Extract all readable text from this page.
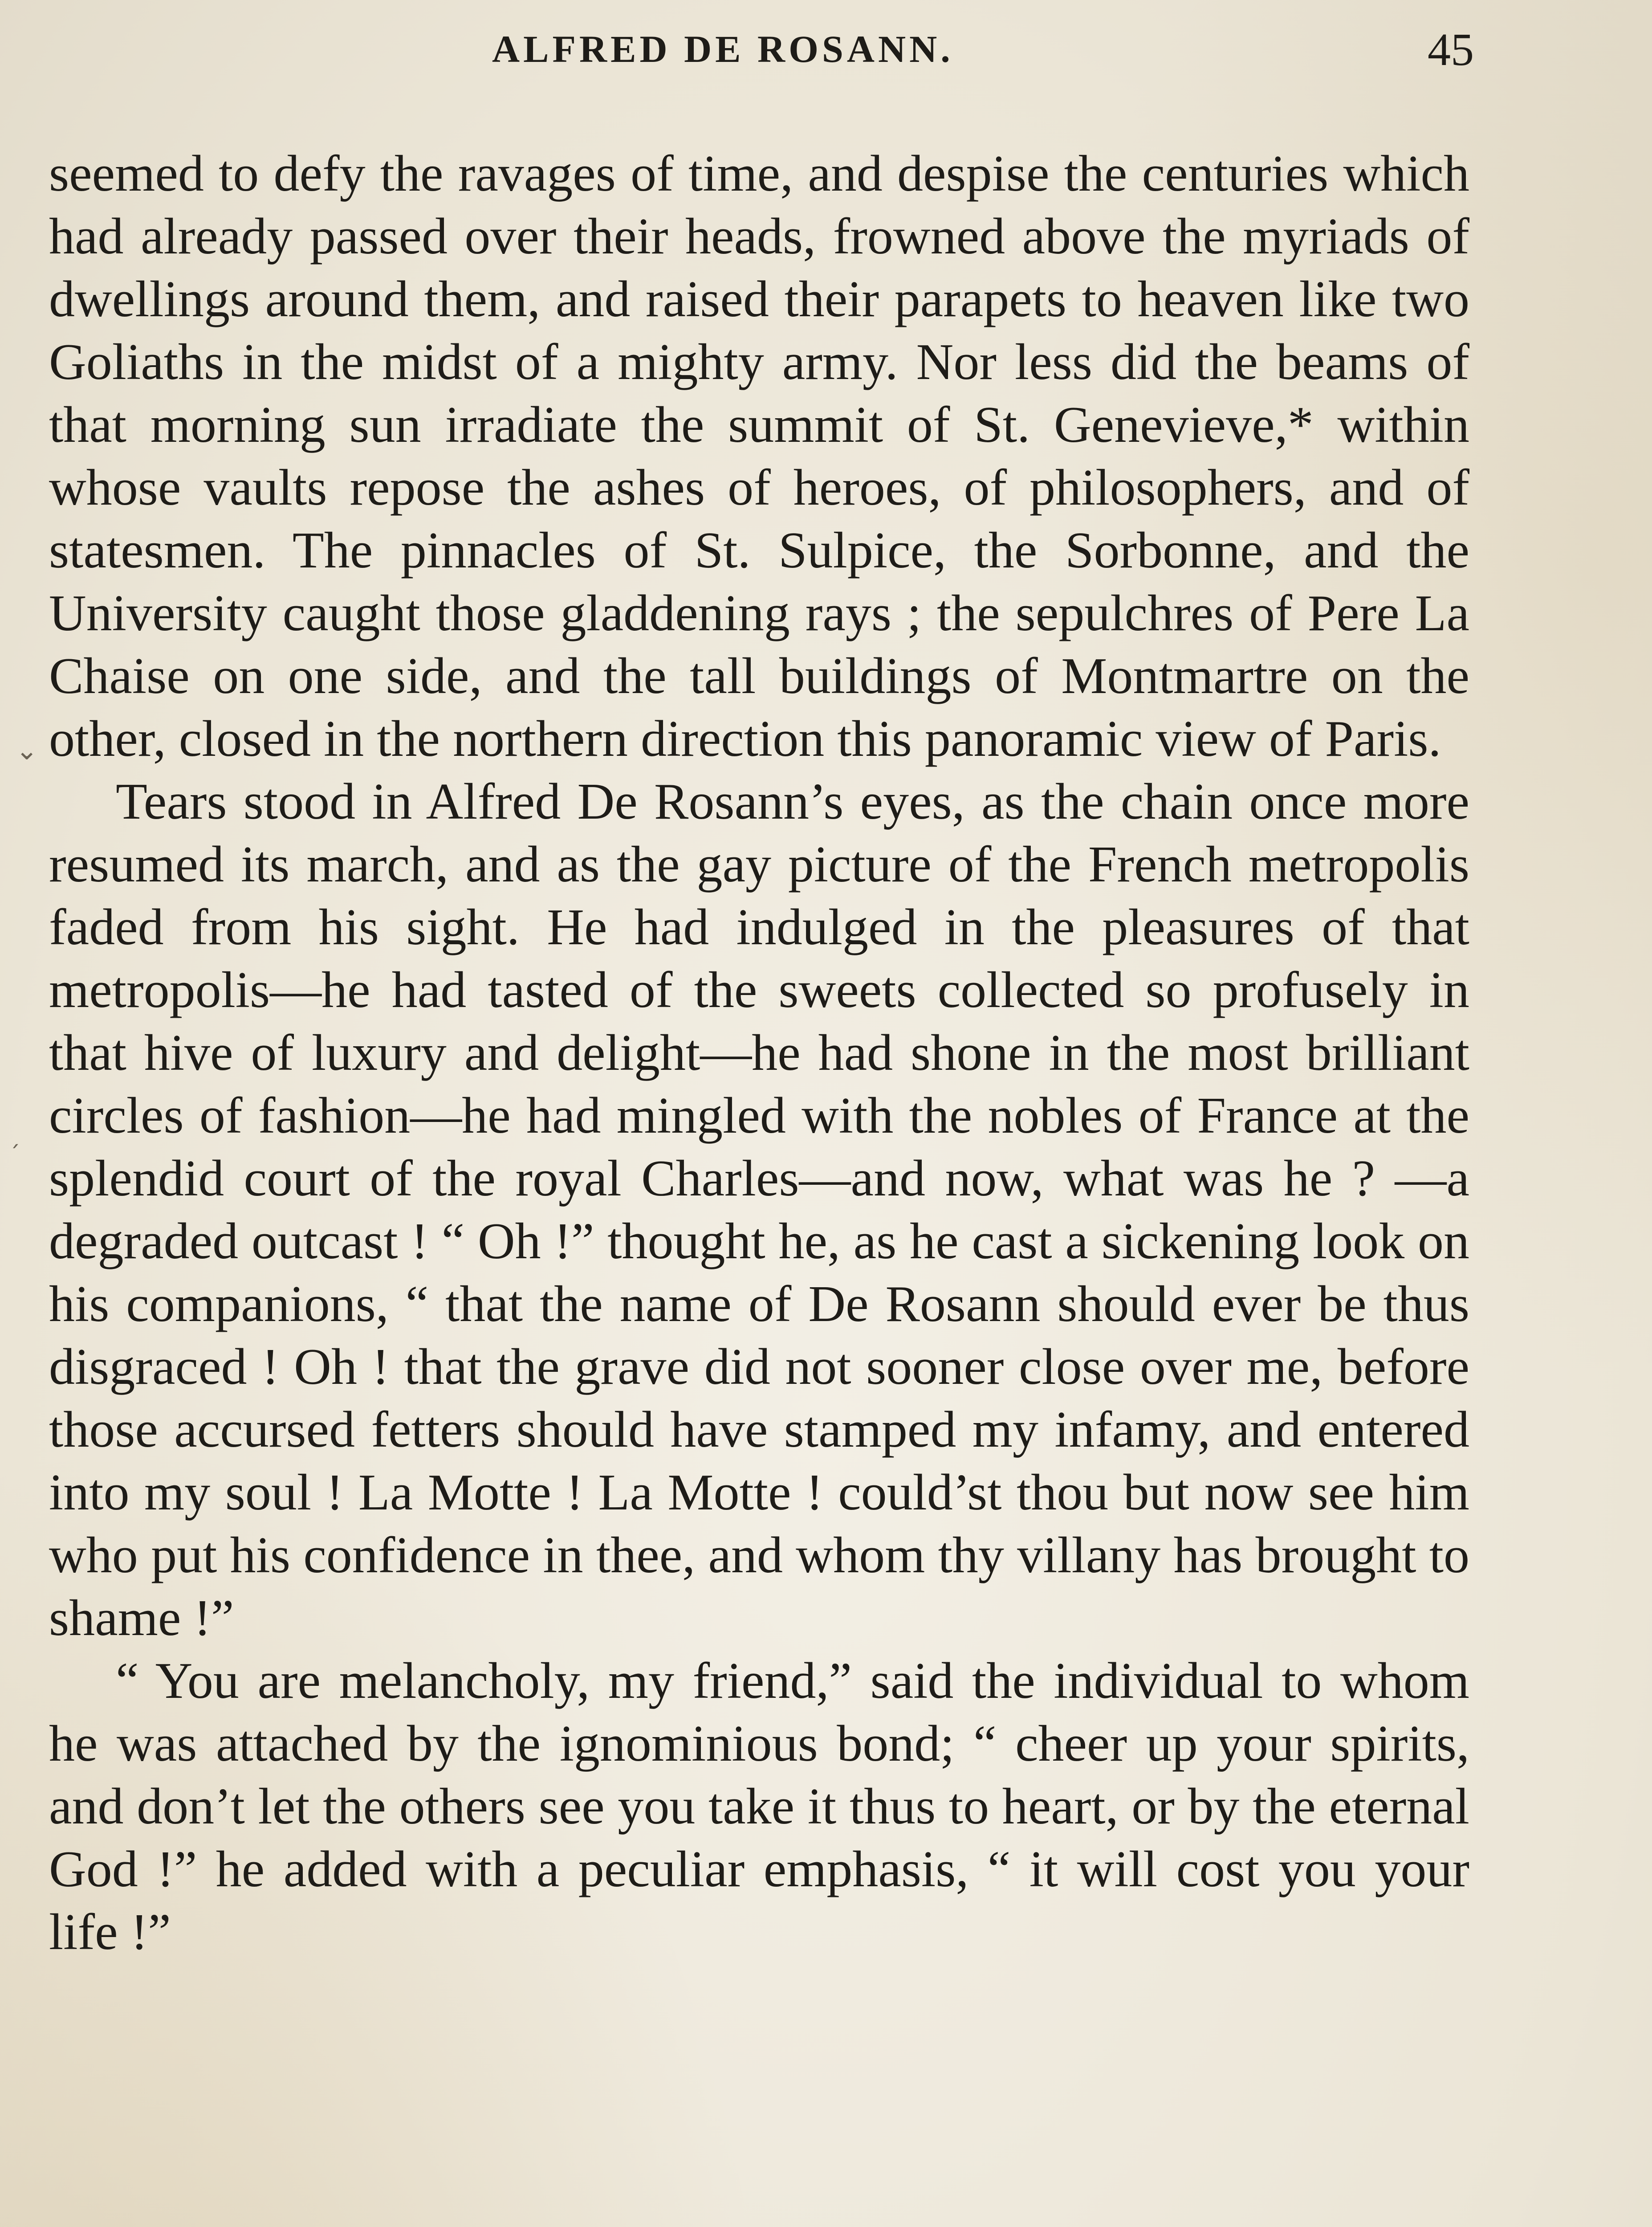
ALFRED DE ROSANN.	45

seemed to defy the ravages of time, and despise the centuries which had already passed over their heads, frowned above the myriads of dwellings around them, and raised their parapets to heaven like two Goliaths in the midst of a mighty army. Nor less did the beams of that morning sun irradiate the summit of St. Genevieve,* within whose vaults repose the ashes of heroes, of philosophers, and of statesmen. The pinnacles of St. Sulpice, the Sorbonne, and the University caught those gladdening rays ; the sepulchres of Pere La Chaise on one side, and the tall buildings of Montmartre on the other, closed in the northern direction this panoramic view of Paris.

Tears stood in Alfred De Rosann’s eyes, as the chain once more resumed its march, and as the gay picture of the French metropolis faded from his sight. He had indulged in the pleasures of that metropolis—he had tasted of the sweets collected so profusely in that hive of luxury and delight—he had shone in the most brilliant circles of fashion—he had mingled with the nobles of France at the splendid court of the royal Charles—and now, what was he ? —a degraded outcast ! “ Oh !” thought he, as he cast a sickening look on his companions, “ that the name of De Rosann should ever be thus disgraced ! Oh ! that the grave did not sooner close over me, before those accursed fetters should have stamped my infamy, and entered into my soul ! La Motte ! La Motte ! could’st thou but now see him who put his confidence in thee, and whom thy villany has brought to shame !”

“ You are melancholy, my friend,” said the individual to whom he was attached by the ignominious bond; “ cheer up your spirits, and don’t let the others see you take it thus to heart, or by the eternal God !” he added with a peculiar emphasis, “ it will cost you your life !”

⌄
ˏ
